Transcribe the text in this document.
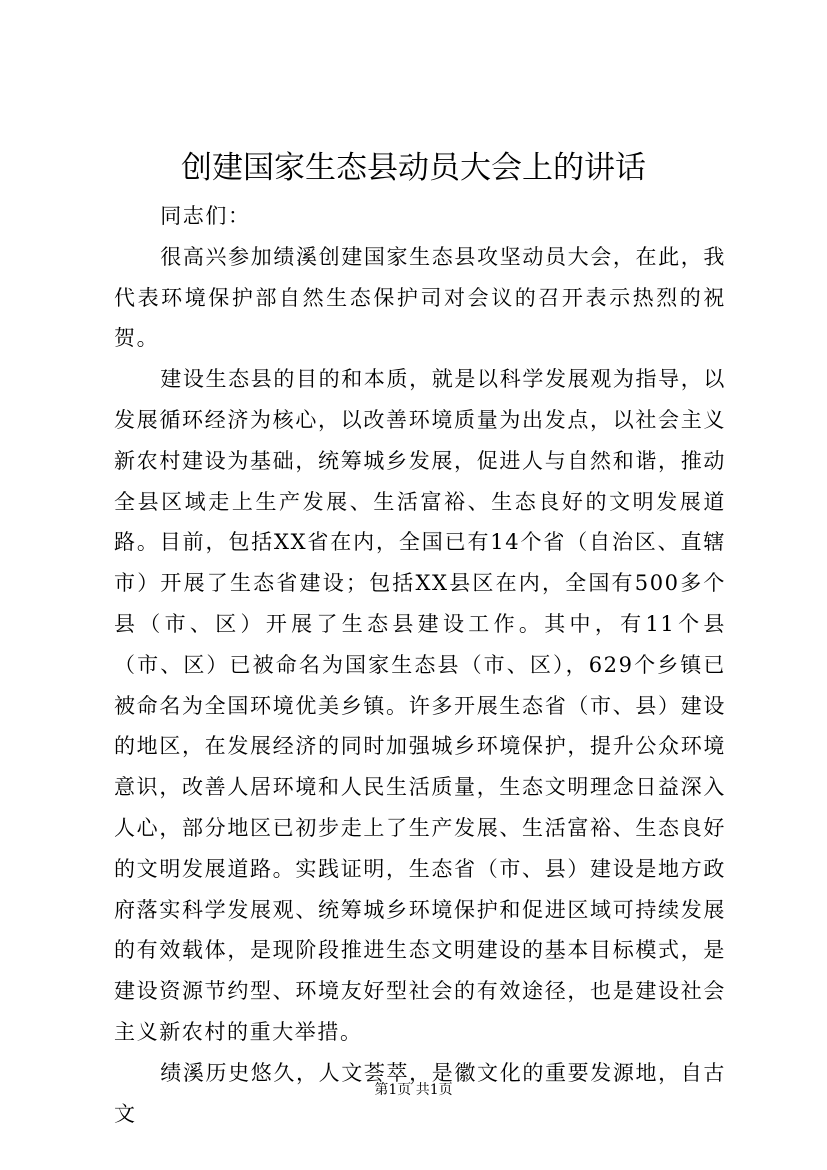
创建国家生态县动员大会上的讲话

同志们：

很高兴参加绩溪创建国家生态县攻坚动员大会，在此，我代表环境保护部自然生态保护司对会议的召开表示热烈的祝贺。

建设生态县的目的和本质，就是以科学发展观为指导，以发展循环经济为核心，以改善环境质量为出发点，以社会主义新农村建设为基础，统筹城乡发展，促进人与自然和谐，推动全县区域走上生产发展、生活富裕、生态良好的文明发展道路。目前，包括XX省在内，全国已有14个省（自治区、直辖市）开展了生态省建设；包括XX县区在内，全国有500多个县（市、区）开展了生态县建设工作。其中，有11个县（市、区）已被命名为国家生态县（市、区），629个乡镇已被命名为全国环境优美乡镇。许多开展生态省（市、县）建设的地区，在发展经济的同时加强城乡环境保护，提升公众环境意识，改善人居环境和人民生活质量，生态文明理念日益深入人心，部分地区已初步走上了生产发展、生活富裕、生态良好的文明发展道路。实践证明，生态省（市、县）建设是地方政府落实科学发展观、统筹城乡环境保护和促进区域可持续发展的有效载体，是现阶段推进生态文明建设的基本目标模式，是建设资源节约型、环境友好型社会的有效途径，也是建设社会主义新农村的重大举措。

绩溪历史悠久，人文荟萃，是徽文化的重要发源地，自古文

第1页 共1页
